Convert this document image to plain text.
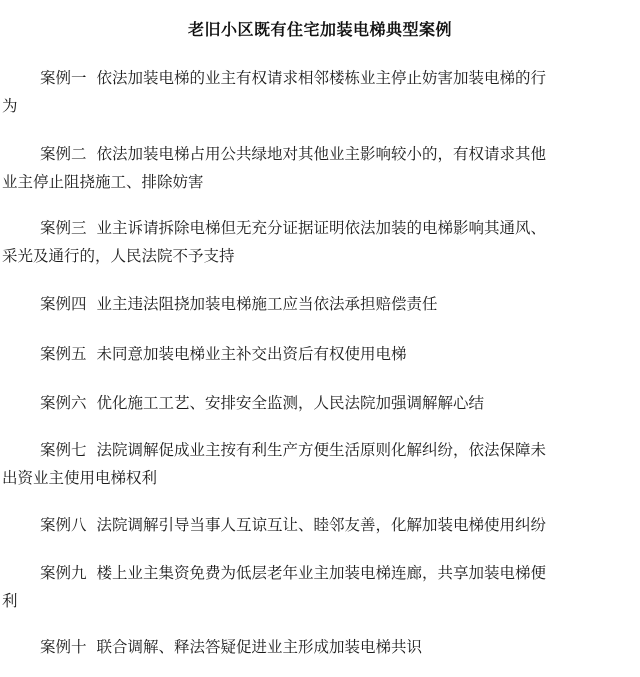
老旧小区既有住宅加装电梯典型案例
案例一 依法加装电梯的业主有权请求相邻楼栋业主停止妨害加装电梯的行
为
案例二 依法加装电梯占用公共绿地对其他业主影响较小的，有权请求其他
业主停止阻挠施工、排除妨害
案例三 业主诉请拆除电梯但无充分证据证明依法加装的电梯影响其通风、
采光及通行的，人民法院不予支持
案例四 业主违法阻挠加装电梯施工应当依法承担赔偿责任
案例五 未同意加装电梯业主补交出资后有权使用电梯
案例六 优化施工工艺、安排安全监测，人民法院加强调解解心结
案例七 法院调解促成业主按有利生产方便生活原则化解纠纷，依法保障未
出资业主使用电梯权利
案例八 法院调解引导当事人互谅互让、睦邻友善，化解加装电梯使用纠纷
案例九 楼上业主集资免费为低层老年业主加装电梯连廊，共享加装电梯便
利
案例十 联合调解、释法答疑促进业主形成加装电梯共识
